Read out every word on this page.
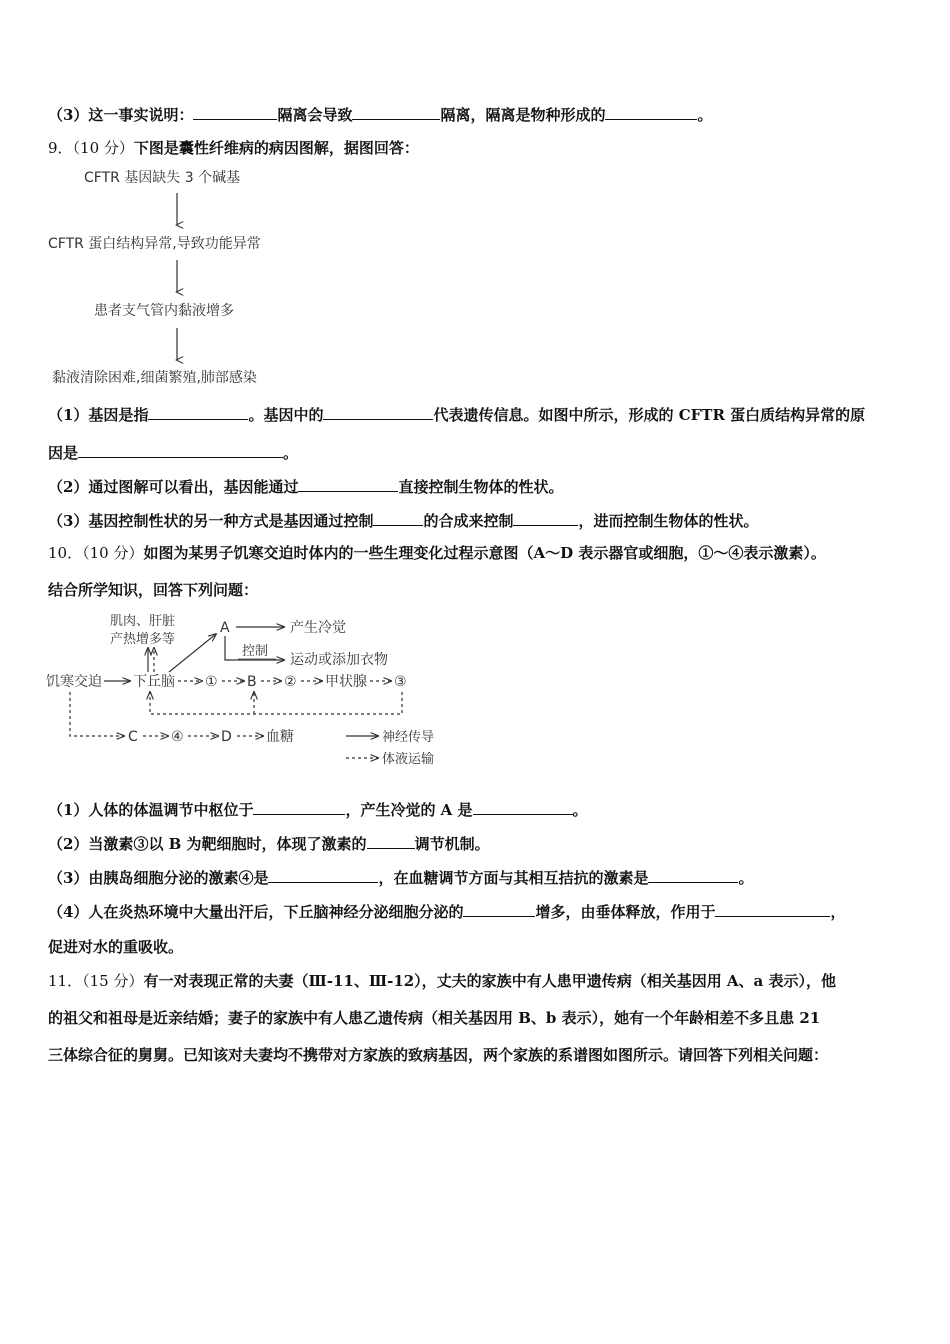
（3）这一事实说明：	隔离会导致	隔离，隔离是物种形成的	。
9．（10 分）下图是囊性纤维病的病因图解，据图回答：
CFTR 基因缺失 3 个碱基
CFTR 蛋白结构异常,导致功能异常
患者支气管内黏液增多
黏液清除困难,细菌繁殖,肺部感染
（1）基因是指	。基因中的	代表遗传信息。如图中所示，形成的 CFTR 蛋白质结构异常的原
因是	。
（2）通过图解可以看出，基因能通过	直接控制生物体的性状。
（3）基因控制性状的另一种方式是基因通过控制	的合成来控制	，进而控制生物体的性状。
10．（10 分）如图为某男子饥寒交迫时体内的一些生理变化过程示意图（A～D 表示器官或细胞，①～④表示激素）。
结合所学知识，回答下列问题：
肌肉、肝脏
产热增多等
A	产生冷觉
控制
运动或添加衣物
饥寒交迫 下丘脑 ① B ② 甲状腺 ③
C ④	D 血糖	神经传导
体液运输
（1）人体的体温调节中枢位于	，产生冷觉的 A 是	。
（2）当激素③以 B 为靶细胞时，体现了激素的	调节机制。
（3）由胰岛细胞分泌的激素④是	，在血糖调节方面与其相互拮抗的激素是	。
（4）人在炎热环境中大量出汗后，下丘脑神经分泌细胞分泌的	增多，由垂体释放，作用于	，
促进对水的重吸收。
11．（15 分）有一对表现正常的夫妻（Ⅲ-11、Ⅲ-12），丈夫的家族中有人患甲遗传病（相关基因用 A、a 表示），他
的祖父和祖母是近亲结婚；妻子的家族中有人患乙遗传病（相关基因用 B、b 表示），她有一个年龄相差不多且患 21
三体综合征的舅舅。已知该对夫妻均不携带对方家族的致病基因，两个家族的系谱图如图所示。请回答下列相关问题：
